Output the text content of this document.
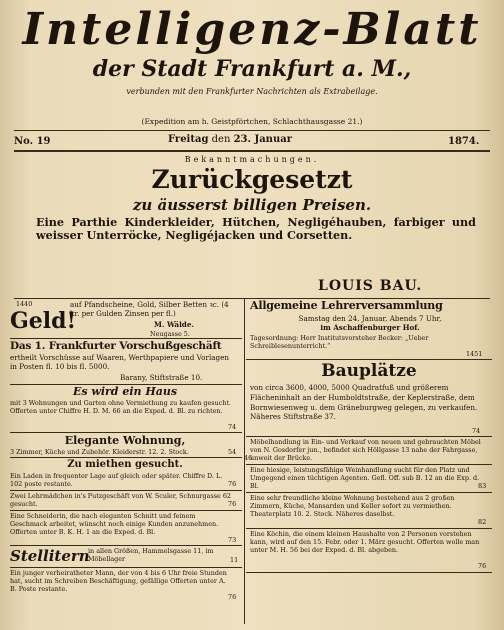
Intelligenz-Blatt
der Stadt Frankfurt a. M.,
verbunden mit den Frankfurter Nachrichten als Extrabeilage.
(Expedition am h. Geistpförtchen, Schlachthausgasse 21.)
No. 19	Freitag den 23. Januar	1874.
Bekanntmachungen.
Zurückgesetzt
zu äusserst billigen Preisen.
Eine Parthie Kinderkleider, Hütchen, Negligéhauben, farbiger und weisser Unterröcke, Negligéjacken und Corsetten.
LOUIS BAU.
1440
Geld!
auf Pfandscheine, Gold, Silber Betten ꝛc. (4 kr. per Gulden Zinsen per fl.)
M. Wälde.
Neugasse 5.
Das 1. Frankfurter Vorschußgeschäft
ertheilt Vorschüsse auf Waaren, Werthpapiere und Vorlagen in Posten fl. 10 bis fl. 5000.
Barany, Stiftstraße 10.
Es wird ein Haus
mit 3 Wohnungen und Garten ohne Vermiethung zu kaufen gesucht. Offerten unter Chiffre H. D. M. 66 an die Exped. d. Bl. zu richten.
74
Elegante Wohnung,
3 Zimmer, Küche und Zubehör. Kleiderstr. 12. 2. Stock.	54
Zu miethen gesucht.
Ein Laden in frequenter Lage auf gleich oder später. Chiffre D. L. 102 poste restante.	76
Zwei Lehrmädchen in's Putzgeschäft von W. Sculer, Schnurgasse 62 gesucht.	76
Eine Schneiderin, die nach eleganten Schnitt und feinem Geschmack arbeitet, wünscht noch einige Kunden anzunehmen. Offerten unter B. K. H. 1 an die Exped. d. Bl.
73
Stellitern
in allen Größen, Hammelsgasse 11, im Möbellager	11
Ein junger verheiratheter Mann, der von 4 bis 6 Uhr freie Stunden hat, sucht im Schreiben Beschäftigung, gefällige Offerten unter A. B. Poste restante.
76
Allgemeine Lehrerversammlung
Samstag den 24. Januar, Abends 7 Uhr,
im Aschaffenburger Hof.
Tagesordnung: Herr Institutsvorsteher Becker: „Ueber Schreiblesenunterricht.“
1451
Bauplätze
von circa 3600, 4000, 5000 Quadratfuß und größerem Flächeninhalt an der Humboldtstraße, der Keplerstraße, dem Bornwiesenweg u. dem Gräneburgweg gelegen, zu verkaufen. Näheres Stiftstraße 37.
74
Möbelhandlung in Ein- und Verkauf von neuen und gebrauchten Möbel von N. Gosdorfer jun., befindet sich Höllgasse 13 nahe der Fahrgasse, unweit der Brücke.
46
Eine hiesige, leistungsfähige Weinhandlung sucht für den Platz und Umgegend einen tüchtigen Agenten. Gefl. Off. sub B. 12 an die Exp. d. Bl.	83
Eine sehr freundliche kleine Wohnung bestehend aus 2 großen Zimmern, Küche, Mansarden und Keller sofort zu vermiethen. Theaterplatz 10. 2. Stock. Näheres daselbst.
82
Eine Köchin, die einem kleinen Haushalte von 2 Personen vorstehen kann, wird auf den 15. Febr. oder 1. März gesucht. Offerten wolle man unter M. H. 56 bei der Exped. d. Bl. abgeben.
76
